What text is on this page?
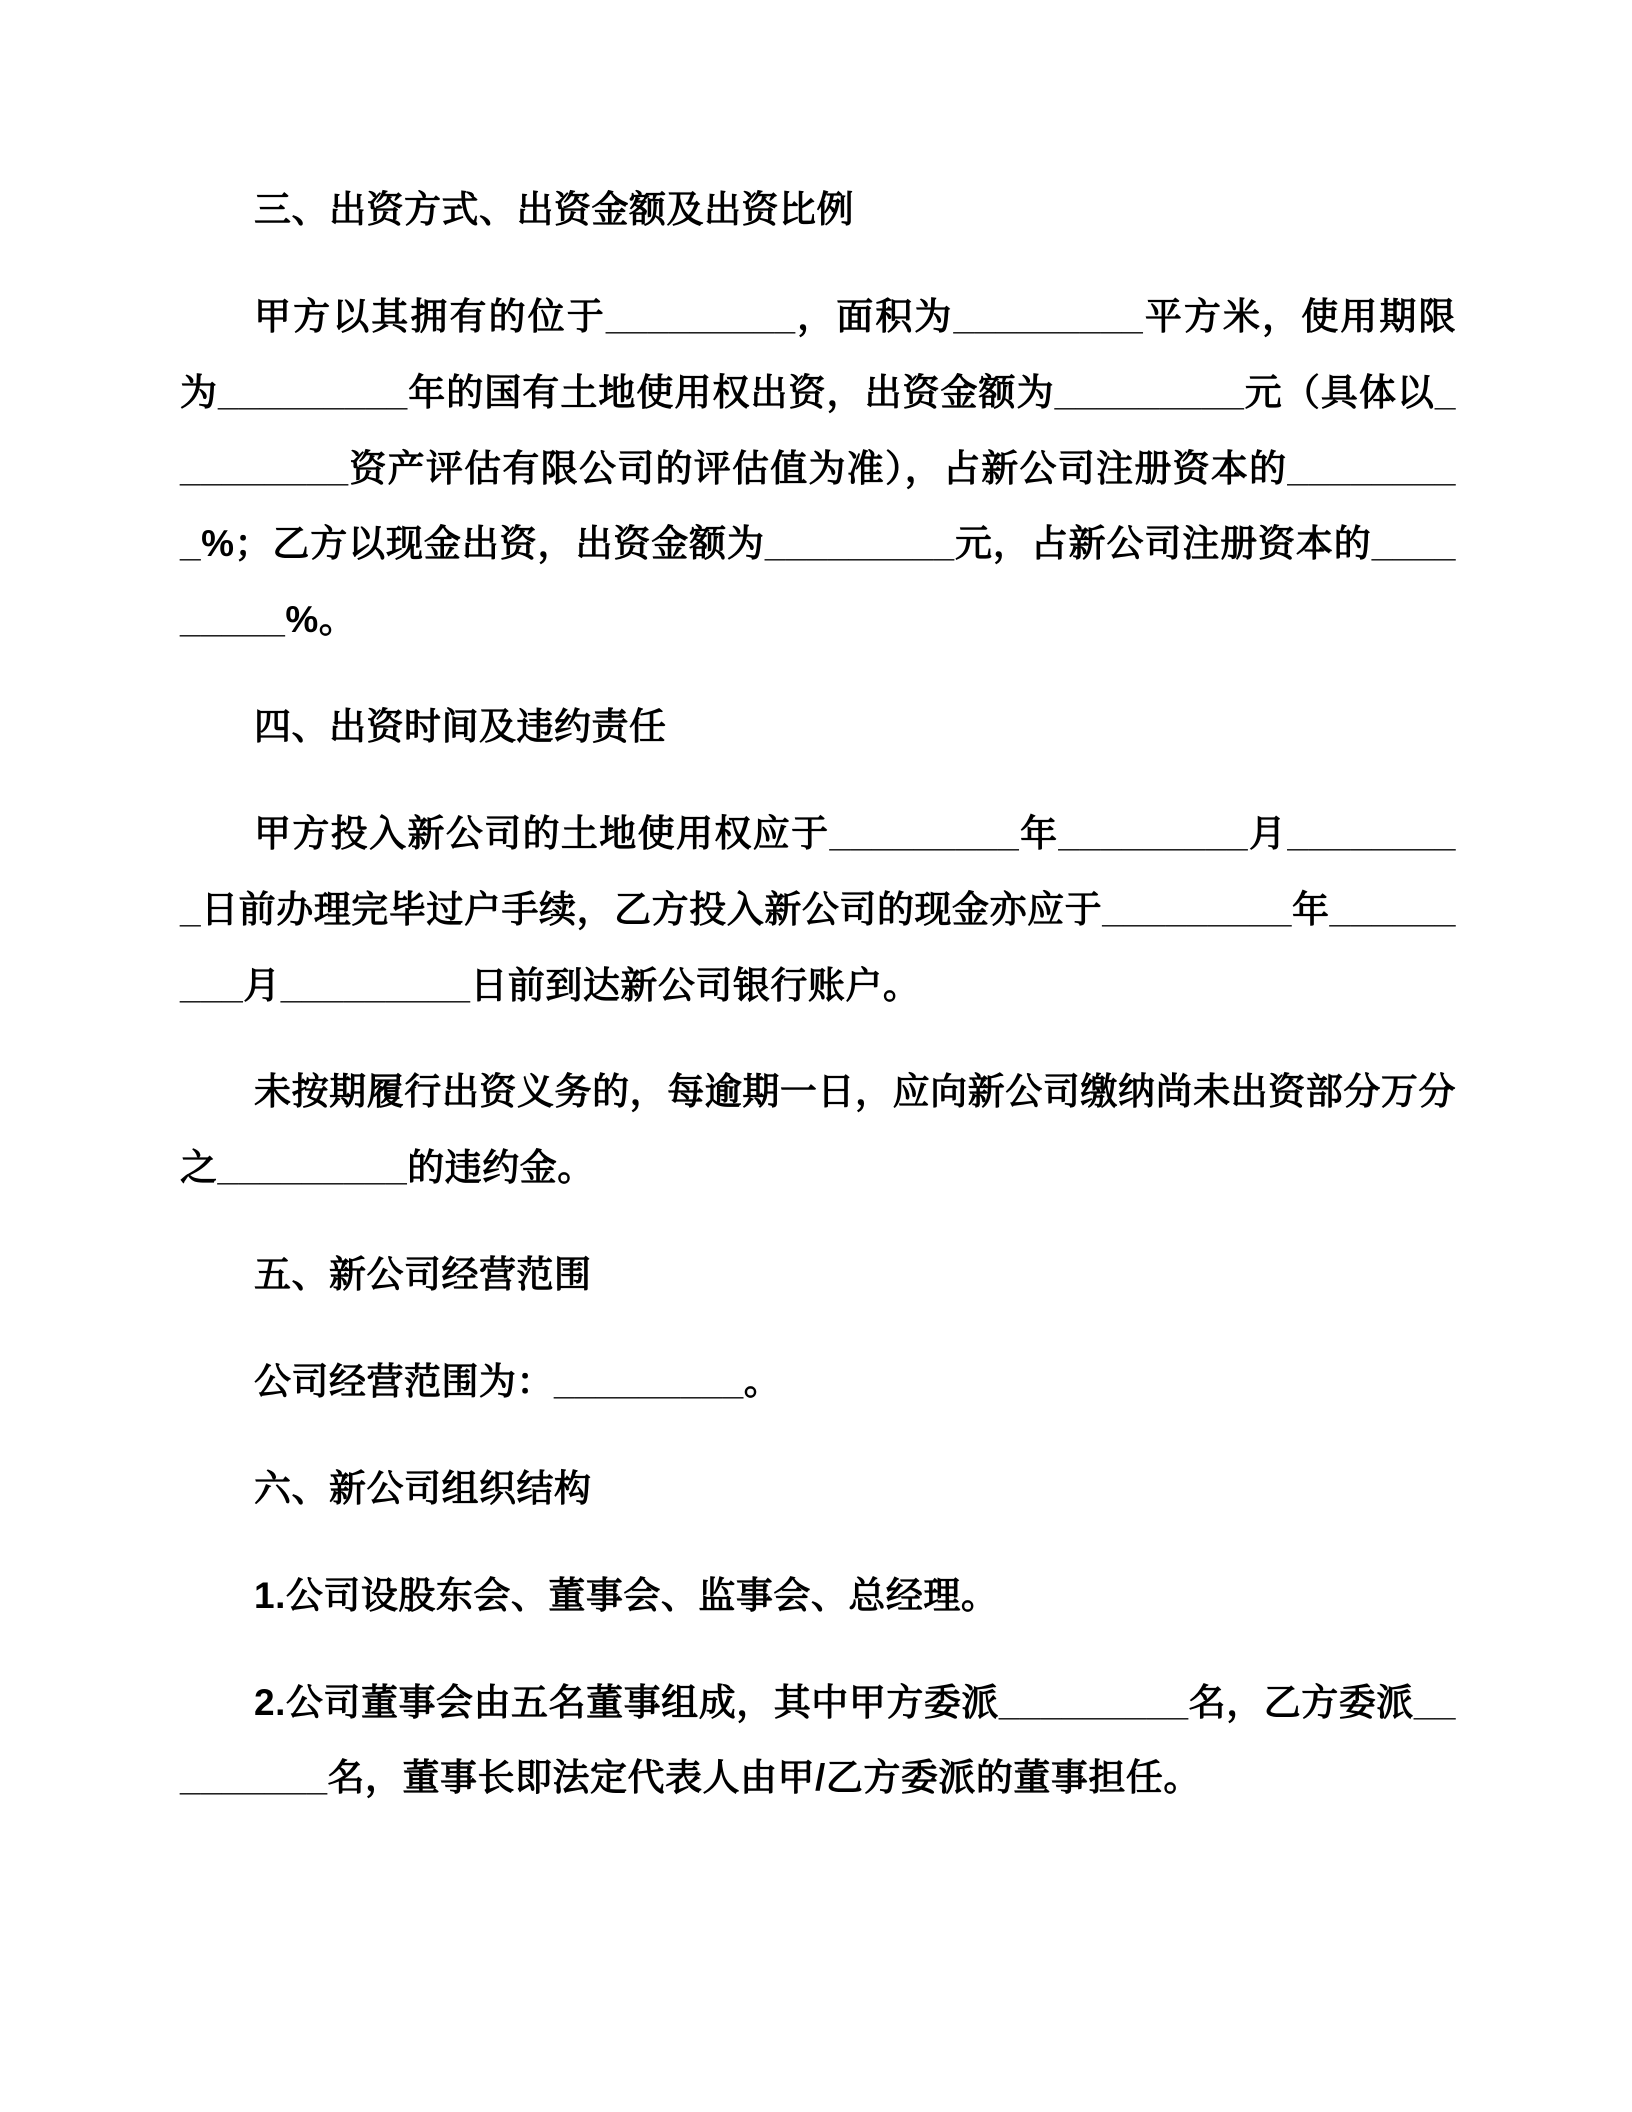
三、出资方式、出资金额及出资比例
甲方以其拥有的位于_________，面积为_________平方米，使用期限为_________年的国有土地使用权出资，出资金额为_________元（具体以_________资产评估有限公司的评估值为准），占新公司注册资本的_________%；乙方以现金出资，出资金额为_________元，占新公司注册资本的_________%。
四、出资时间及违约责任
甲方投入新公司的土地使用权应于_________年_________月_________日前办理完毕过户手续，乙方投入新公司的现金亦应于_________年_________月_________日前到达新公司银行账户。
未按期履行出资义务的，每逾期一日，应向新公司缴纳尚未出资部分万分之_________的违约金。
五、新公司经营范围
公司经营范围为：_________。
六、新公司组织结构
1.公司设股东会、董事会、监事会、总经理。
2.公司董事会由五名董事组成，其中甲方委派_________名，乙方委派_________名，董事长即法定代表人由甲/乙方委派的董事担任。
